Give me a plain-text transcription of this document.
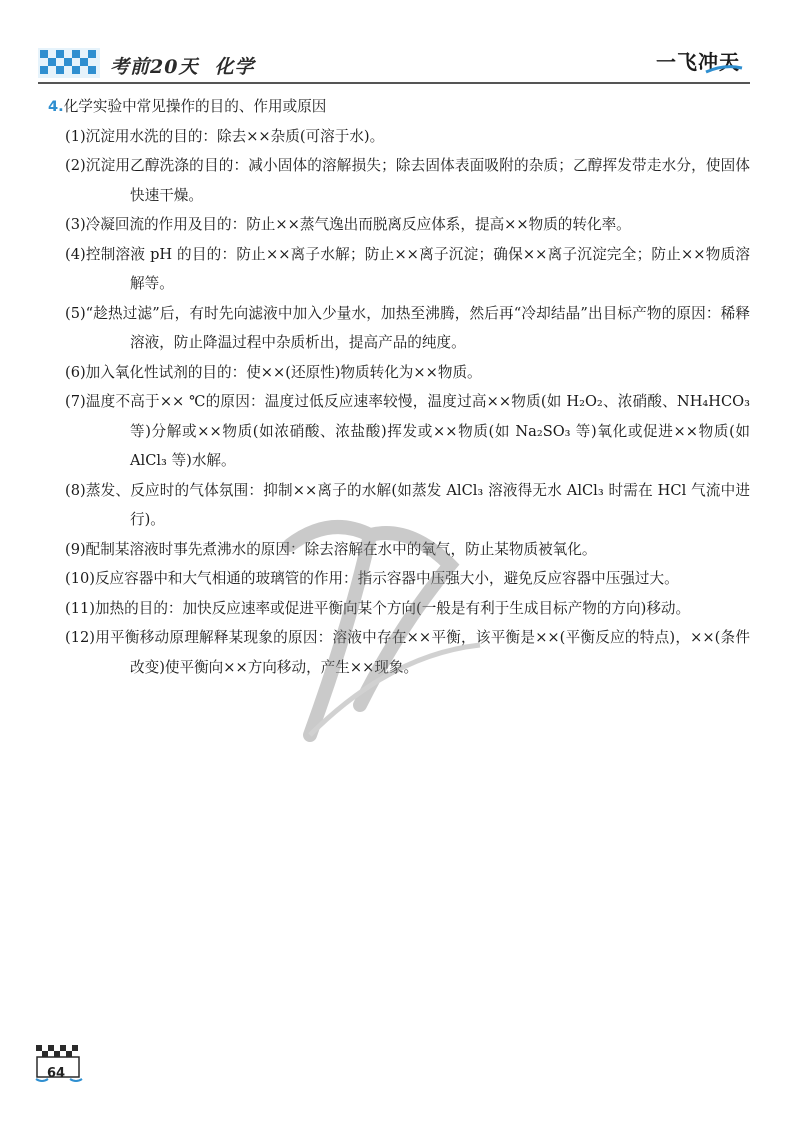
考前20天 化学	一飞冲天
4.化学实验中常见操作的目的、作用或原因

(1)沉淀用水洗的目的：除去××杂质(可溶于水)。

(2)沉淀用乙醇洗涤的目的：减小固体的溶解损失；除去固体表面吸附的杂质；乙醇挥发带走水分，使固体快速干燥。

(3)冷凝回流的作用及目的：防止××蒸气逸出而脱离反应体系，提高××物质的转化率。

(4)控制溶液 pH 的目的：防止××离子水解；防止××离子沉淀；确保××离子沉淀完全；防止××物质溶解等。

(5)“趁热过滤”后，有时先向滤液中加入少量水，加热至沸腾，然后再“冷却结晶”出目标产物的原因：稀释溶液，防止降温过程中杂质析出，提高产品的纯度。

(6)加入氧化性试剂的目的：使××(还原性)物质转化为××物质。

(7)温度不高于×× ℃的原因：温度过低反应速率较慢，温度过高××物质(如 H₂O₂、浓硝酸、NH₄HCO₃ 等)分解或××物质(如浓硝酸、浓盐酸)挥发或××物质(如 Na₂SO₃ 等)氧化或促进××物质(如 AlCl₃ 等)水解。

(8)蒸发、反应时的气体氛围：抑制××离子的水解(如蒸发 AlCl₃ 溶液得无水 AlCl₃ 时需在 HCl 气流中进行)。

(9)配制某溶液时事先煮沸水的原因：除去溶解在水中的氧气，防止某物质被氧化。

(10)反应容器中和大气相通的玻璃管的作用：指示容器中压强大小，避免反应容器中压强过大。

(11)加热的目的：加快反应速率或促进平衡向某个方向(一般是有利于生成目标产物的方向)移动。

(12)用平衡移动原理解释某现象的原因：溶液中存在××平衡，该平衡是××(平衡反应的特点)，××(条件改变)使平衡向××方向移动，产生××现象。

64
